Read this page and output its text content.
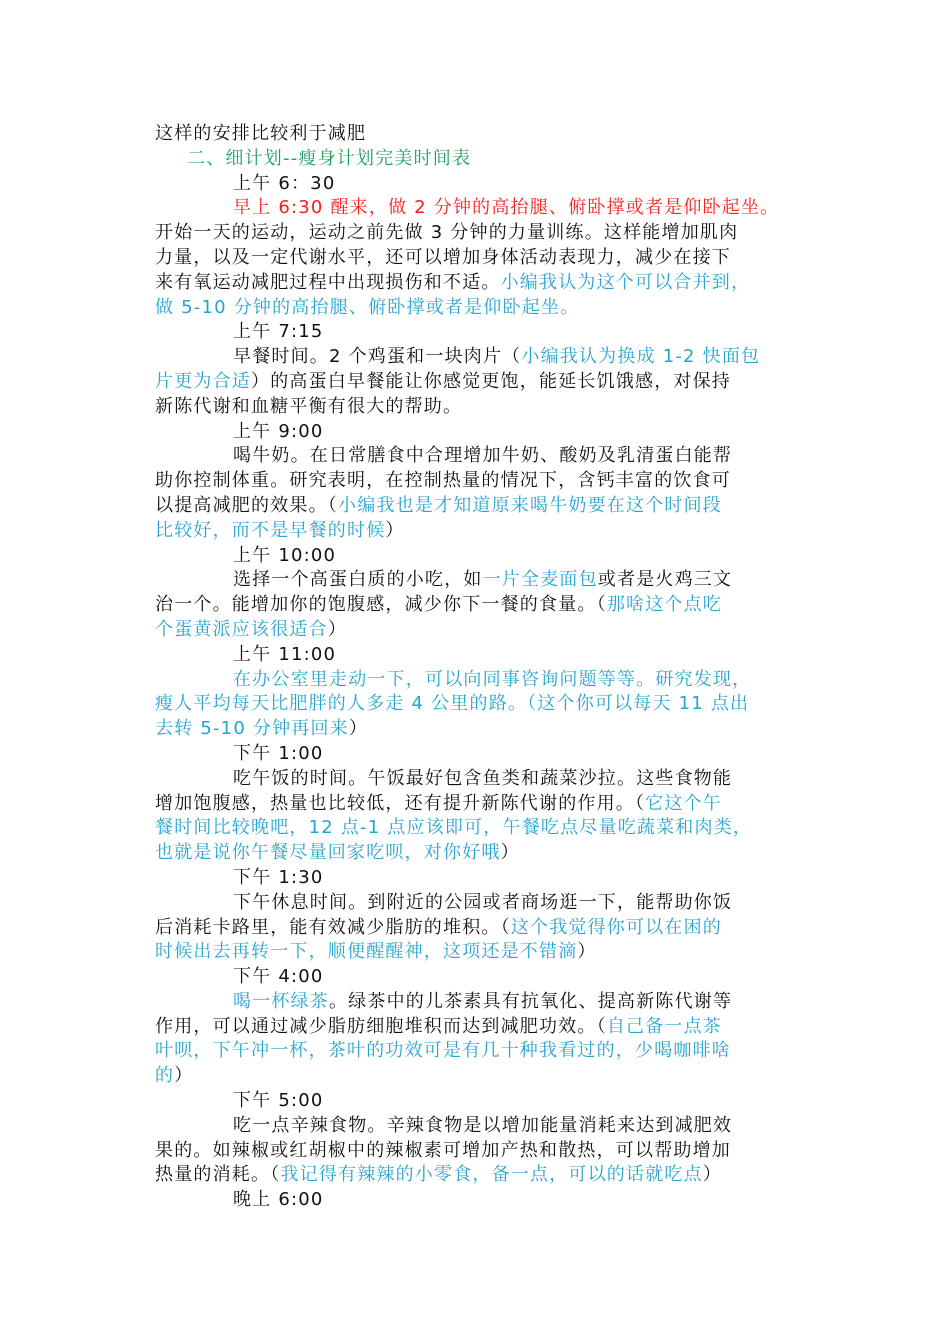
这样的安排比较利于减肥
二、细计划--瘦身计划完美时间表
上午 6：30
早上 6:30 醒来，做 2 分钟的高抬腿、俯卧撑或者是仰卧起坐。
开始一天的运动，运动之前先做 3 分钟的力量训练。这样能增加肌肉
力量，以及一定代谢水平，还可以增加身体活动表现力，减少在接下
来有氧运动减肥过程中出现损伤和不适。小编我认为这个可以合并到，
做 5-10 分钟的高抬腿、俯卧撑或者是仰卧起坐。
上午 7:15
早餐时间。2 个鸡蛋和一块肉片（小编我认为换成 1-2 快面包
片更为合适）的高蛋白早餐能让你感觉更饱，能延长饥饿感，对保持
新陈代谢和血糖平衡有很大的帮助。
上午 9:00
喝牛奶。在日常膳食中合理增加牛奶、酸奶及乳清蛋白能帮
助你控制体重。研究表明，在控制热量的情况下，含钙丰富的饮食可
以提高减肥的效果。（小编我也是才知道原来喝牛奶要在这个时间段
比较好，而不是早餐的时候）
上午 10:00
选择一个高蛋白质的小吃，如一片全麦面包或者是火鸡三文
治一个。能增加你的饱腹感，减少你下一餐的食量。（那啥这个点吃
个蛋黄派应该很适合）
上午 11:00
在办公室里走动一下，可以向同事咨询问题等等。研究发现，
瘦人平均每天比肥胖的人多走 4 公里的路。（这个你可以每天 11 点出
去转 5-10 分钟再回来）
下午 1:00
吃午饭的时间。午饭最好包含鱼类和蔬菜沙拉。这些食物能
增加饱腹感，热量也比较低，还有提升新陈代谢的作用。（它这个午
餐时间比较晚吧，12 点-1 点应该即可，午餐吃点尽量吃蔬菜和肉类，
也就是说你午餐尽量回家吃呗，对你好哦）
下午 1:30
下午休息时间。到附近的公园或者商场逛一下，能帮助你饭
后消耗卡路里，能有效减少脂肪的堆积。（这个我觉得你可以在困的
时候出去再转一下，顺便醒醒神，这项还是不错滴）
下午 4:00
喝一杯绿茶。绿茶中的儿茶素具有抗氧化、提高新陈代谢等
作用，可以通过减少脂肪细胞堆积而达到减肥功效。（自己备一点茶
叶呗，下午冲一杯，茶叶的功效可是有几十种我看过的，少喝咖啡啥
的）
下午 5:00
吃一点辛辣食物。辛辣食物是以增加能量消耗来达到减肥效
果的。如辣椒或红胡椒中的辣椒素可增加产热和散热，可以帮助增加
热量的消耗。（我记得有辣辣的小零食，备一点，可以的话就吃点）
晚上 6:00
